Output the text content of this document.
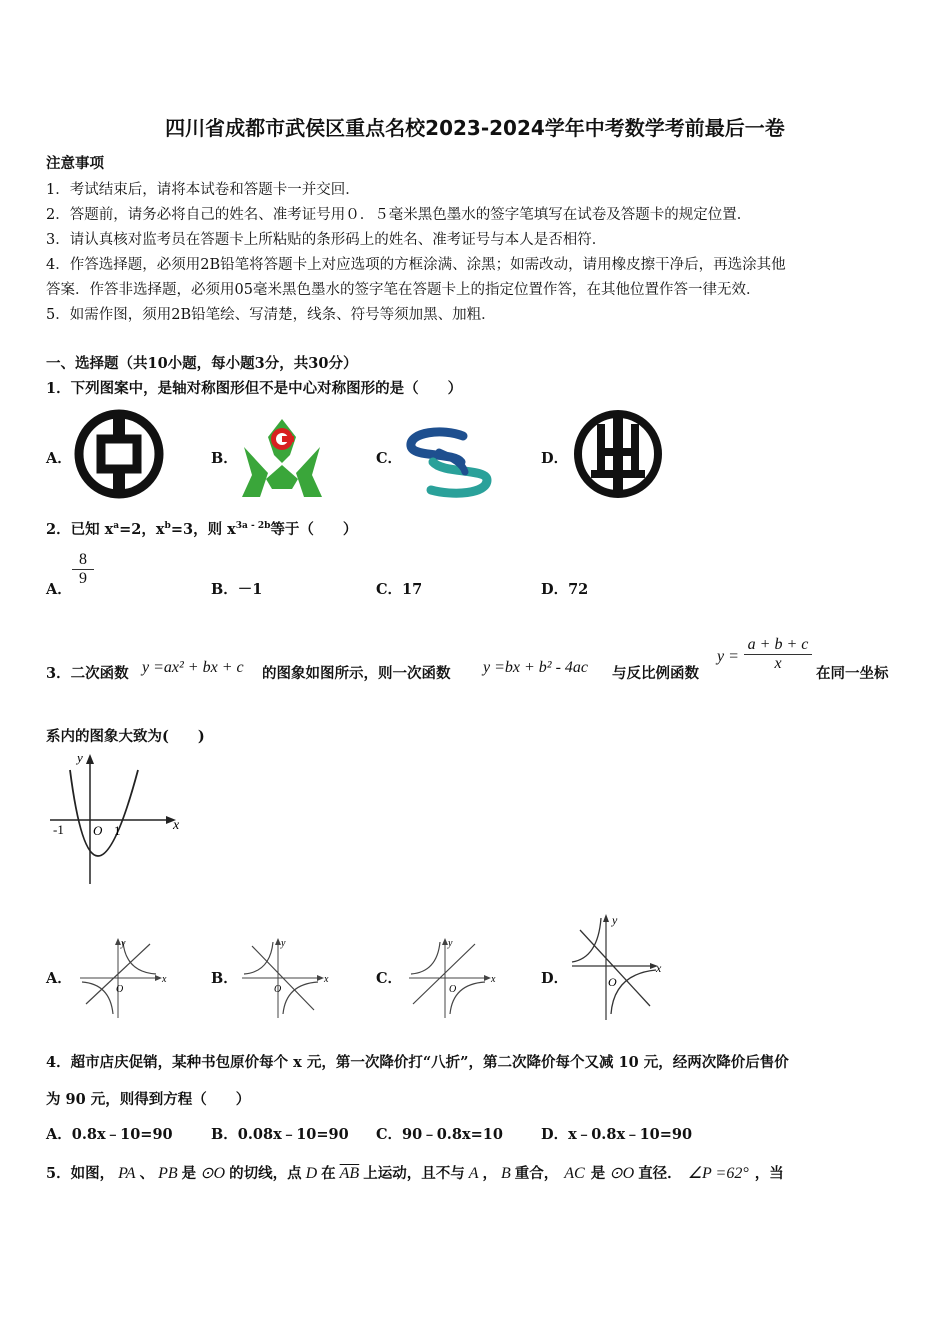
四川省成都市武侯区重点名校2023-2024学年中考数学考前最后一卷
注意事项
1．考试结束后，请将本试卷和答题卡一并交回．
2．答题前，请务必将自己的姓名、准考证号用０．５毫米黑色墨水的签字笔填写在试卷及答题卡的规定位置．
3．请认真核对监考员在答题卡上所粘贴的条形码上的姓名、准考证号与本人是否相符．
4．作答选择题，必须用2B铅笔将答题卡上对应选项的方框涂满、涂黑；如需改动，请用橡皮擦干净后，再选涂其他
答案．作答非选择题，必须用05毫米黑色墨水的签字笔在答题卡上的指定位置作答，在其他位置作答一律无效．
5．如需作图，须用2B铅笔绘、写清楚，线条、符号等须加黑、加粗．
一、选择题（共10小题，每小题3分，共30分）
1．下列图案中，是轴对称图形但不是中心对称图形的是（　　）
A．	B．	C．	D．
2．已知 $x^a=2$，$x^b=3$，则 $x^{3a - 2b}$等于（　　）
A．
$\frac{8}{9}$
B．－1	C．17	D．72
3．二次函数 y =ax² + bx + c 的图象如图所示，则一次函数 y =bx + b² - 4ac 与反比例函数
$y = \frac{a + b + c}{x}$
在同一坐标
系内的图象大致为(　　)
y
x
-1 O 1
A．	B．	C．	D．
y
x
O
y
x
O
y
x
O
y
x
O
4．超市店庆促销，某种书包原价每个 x 元，第一次降价打“八折”，第二次降价每个又减 10 元，经两次降价后售价
为 90 元，则得到方程（　　）
A．0.8x﹣10=90	B．0.08x﹣10=90 C．90﹣0.8x=10	D．x﹣0.8x﹣10=90
5．如图， PA 、 PB 是 ⊙O 的切线，点 D 在 $\overline{AB}$ 上运动，且不与 A ， B 重合， AC 是 ⊙O 直径． ∠P =62° ，当
